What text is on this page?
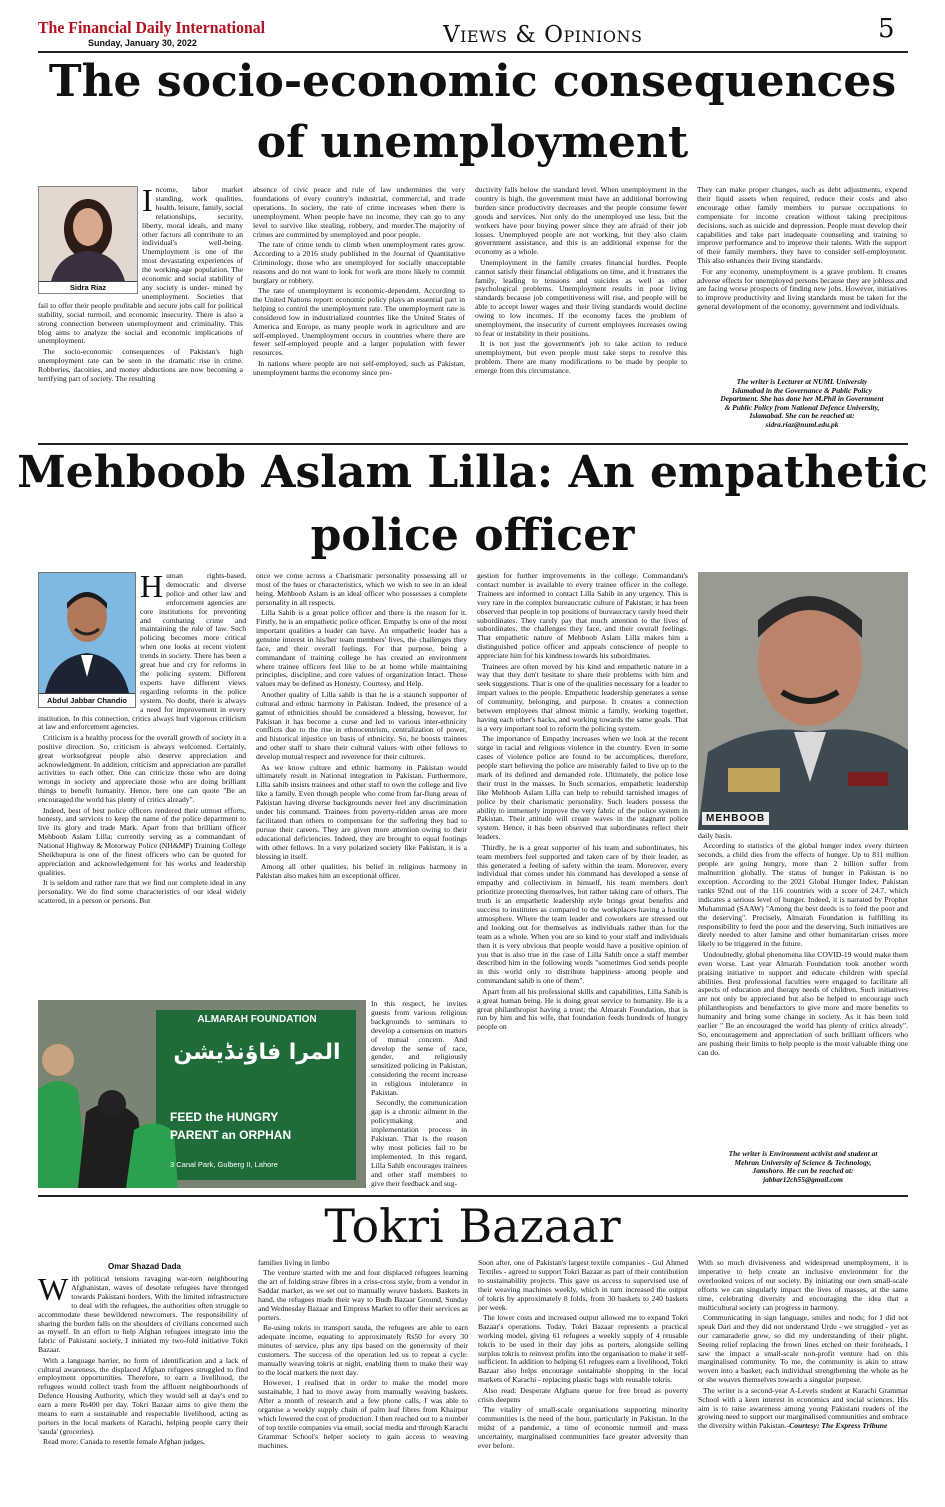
The Financial Daily International
Sunday, January 30, 2022	Views & Opinions	5
The socio-economic consequences
of unemployment
Sidra Riaz

Income, labor market standing, work qualities, health, leisure, family, social relationships, security, liberty, moral ideals, and many other factors all contribute to an individual's well-being. Unemployment is one of the most devastating experiences of the working-age population. The economic and social stability of any society is under- mined by unemployment. Societies that fail to offer their people profitable and secure jobs call for political stability, social turmoil, and economic insecurity. There is also a strong connection between unemployment and criminality. This blog aims to analyze the social and economic implications of unemployment.

The socio-economic consequences of Pakistan's high unemployment rate can be seen in the dramatic rise in crime. Robberies, dacoities, and money abductions are now becoming a terrifying part of society. The resulting

absence of civic peace and rule of law undermines the very foundations of every country's industrial, commercial, and trade operations. In society, the rate of crime increases when there is unemployment. When people have no income, they can go to any level to survive like stealing, robbery, and murder.The majority of crimes are committed by unemployed and poor people.

The rate of crime tends to climb when unemployment rates grow. According to a 2016 study published in the Journal of Quantitative Criminology, those who are unemployed for socially unacceptable reasons and do not want to look for work are more likely to commit burglary or robbery.

The rate of unemployment is economic-dependent. According to the United Nations report: economic policy plays an essential part in helping to control the unemployment rate. The unemployment rate is considered low in industrialized countries like the United States of America and Europe, as many people work in agriculture and are self-employed. Unemployment occurs in countries where there are fewer self-employed people and a larger population with fewer resources.

In nations where people are not self-employed, such as Pakistan, unemployment harms the economy since pro-

ductivity falls below the standard level. When unemployment in the country is high, the government must have an additional borrowing burden since productivity decreases and the people consume fewer goods and services. Not only do the unemployed use less, but the workers have poor buying power since they are afraid of their job losses. Unemployed people are not working, but they also claim government assistance, and this is an additional expense for the economy as a whole.

Unemployment in the family creates financial hurdles. People cannot satisfy their financial obligations on time, and it frustrates the family, leading to tensions and suicides as well as other psychological problems. Unemployment results in poor living standards because job competitiveness will rise, and people will be able to accept lower wages and their living standards would decline owing to low incomes. If the economy faces the problem of unemployment, the insecurity of current employees increases owing to fear or instability in their positions.

It is not just the government's job to take action to reduce unemployment, but even people must take steps to resolve this problem. There are many modifications to be made by people to emerge from this circumstance.

They can make proper changes, such as debt adjustments, expend their liquid assets when required, reduce their costs and also encourage other family members to pursue occupations to compensate for income creation without taking precipitous decisions, such as suicide and depression. People must develop their capabilities and take part inadequate counseling and training to improve performance and to improve their talents. With the support of their family members, they have to consider self-employment. This also enhances their living standards.

For any economy, unemployment is a grave problem. It creates adverse effects for unemployed persons because they are jobless and are facing worse prospects of finding new jobs. However, initiatives to improve productivity and living standards must be taken for the general development of the economy, government and individuals.

The writer is Lecturer at NUML University
Islamabad in the Governance & Public Policy
Department. She has done her M.Phil in Government
& Public Policy from National Defence University,
Islamabad. She can be reached at:
sidra.riaz@numl.edu.pk
Mehboob Aslam Lilla: An empathetic
police officer
Abdul Jabbar Chandio

Human rights-based, democratic and diverse police and other law and enforcement agencies are core institutions for preventing and combating crime and maintaining the rule of law. Such policing becomes more critical when one looks at recent violent trends in society. There has been a great hue and cry for reforms in the policing system. Different experts have different views regarding reforms in the police system. No doubt, there is always a need for improvement in every institution. In this connection, critics always hurl vigorous criticism at law and enforcement agencies.

Criticism is a healthy process for the overall growth of society in a positive direction. So, criticism is always welcomed. Certainly, great worksofgreat people also deserve appreciation and acknowledgment. In addition, criticism and appreciation are parallel activities to each other. One can criticize those who are doing wrongs in society and appreciate those who are doing brilliant things to benefit humanity. Hence, here one can quote "Be an encouraged the world has plenty of critics already".

Indeed, best of best police officers rendered their utmost efforts, honesty, and services to keep the name of the police department to live its glory and trade Mark. Apart from that brilliant officer Mehboob Aslam Lilla; currently serving as a commandant of National Highway & Motorway Police (NH&MP) Training College Sheikhupura is one of the finest officers who can be quoted for appreciation and acknowledgement for his works and leadership qualities.

It is seldom and rather rare that we find our complete ideal in any personality. We do find some characteristics of our ideal widely scattered, in a person or persons. But

once we come across a Charismatic personality possessing all or most of the hues or characteristics, which we wish to see in an ideal being. Mehboob Aslam is an ideal officer who possesses a complete personality in all respects.

Lilla Sahib is a great police officer and there is the reason for it. Firstly, he is an empathetic police officer. Empathy is one of the most important qualities a leader can have. An empathetic leader has a genuine interest in his/her team members' lives, the challenges they face, and their overall feelings. For that purpose, being a commandant of training college he has created an environment where trainee officers feel like to be at home while maintaining principles, discipline, and core values of organization Intact. Those values may be defined as Honesty, Courtesy, and Help.

Another quality of Lilla sahib is that he is a staunch supporter of cultural and ethnic harmony in Pakistan. Indeed, the presence of a gamut of ethnicities should be considered a blessing, however, for Pakistan it has become a curse and led to various inter-ethnicity conflicts due to the rise in ethnocentrism, centralization of power, and historical injustice on basis of ethnicity. So, he boosts trainees and other staff to share their cultural values with other fellows to develop mutual respect and reverence for their cultures.

As we know culture and ethnic harmony in Pakistan would ultimately result in National integration in Pakistan. Furthermore, Lilla sahib insists trainees and other staff to own the college and live like a family. Even though people who come from far-flung areas of Pakistan having diverse backgrounds never feel any discrimination under his command. Trainees from poverty-ridden areas are more facilitated than others to compensate for the suffering they had to pursue their careers. They are given more attention owing to their educational deficiencies. Indeed, they are brought to equal footings with other fellows. In a very polarized society like Pakistan, it is a blessing in itself.

Among all other qualities, his belief in religious harmony in Pakistan also makes him an exceptional officer.

ALMARAH FOUNDATION
المرا فاؤنڈیشن
FEED the HUNGRY
PARENT an ORPHAN
3 Canal Park, Gulberg II, Lahore

In this respect, he invites guests from various religious backgrounds to seminars to develop a consensus on matters of mutual concern. And develop the sense of race, gender, and religiously sensitized policing in Pakistan, considering the recent increase in religious intolerance in Pakistan.

Secondly, the communication gap is a chronic ailment in the policymaking and implementation process in Pakistan. That is the reason why most policies fail to be implemented. In this regard, Lilla Sahib encourages trainees and other staff members to give their feedback and sug-

gestion for further improvements in the college. Commandant's contact number is available to every trainee officer in the college. Trainees are informed to contact Lilla Sahib in any urgency. This is very rare in the complex bureaucratic culture of Pakistan; it has been observed that people in top positions of bureaucracy rarely heed their subordinates. They rarely pay that much attention to the lives of subordinates, the challenges they face, and their overall feelings. That empathetic nature of Mehboob Aslam Lilla makes him a distinguished police officer and appeals conscience of people to appreciate him for his kindness towards his subordinates.

Trainees are often moved by his kind and empathetic nature in a way that they don't hesitate to share their problems with him and seek suggestions. That is one of the qualities necessary for a leader to impart values to the people. Empathetic leadership generates a sense of community, belonging, and purpose. It creates a connection between employees that almost mimic a family, working together, having each other's backs, and working towards the same goals. That is a very important tool to reform the policing system.

The importance of Empathy increases when we look at the recent surge in racial and religious violence in the country. Even in some cases of violence police are found to be accomplices, therefore, people start believing the police are miserably failed to live up to the mark of its defined and demanded role. Ultimately, the police lose their trust in the masses. In Such scenarios, empathetic leadership like Mehboob Aslam Lilla can help to rebuild tarnished images of police by their charismatic personality. Such leaders possess the ability to immensely improve the very fabric of the police system in Pakistan. Their attitude will create waves in the stagnant police system. Hence, it has been observed that subordinates reflect their leaders.

Thirdly, he is a great supporter of his team and subordinates, his team members feel supported and taken care of by their leader, as this generated a feeling of safety within the team. Moreover, every individual that comes under his command has developed a sense of empathy and collectivism in himself, his team members don't prioritize protecting themselves, but rather taking care of others. The truth is an empathetic leadership style brings great benefits and success to institutes as compared to the workplaces having a hostile atmosphere. Where the team leader and coworkers are stressed out and looking out for themselves as individuals rather than for the team as a whole. When you are so kind to your staff and individuals then it is very obvious that people would have a positive opinion of you that is also true in the case of Lilla Sahib once a staff member described him in the following words "sometimes God sends people in this world only to distribute happiness among people and commandant sahib is one of them".

Apart from all his professional skills and capabilities, Lilla Sahib is a great human being. He is doing great service to humanity. He is a great philanthropist having a trust; the Almarah Foundation, that is run by him and his wife, that foundation feeds hundreds of hungry people on

MEHBOOB

daily basis.

According to statistics of the global hunger index every thirteen seconds, a child dies from the effects of hunger. Up to 811 million people are going hungry, more than 2 billion suffer from malnutrition globally. The status of hunger in Pakistan is no exception. According to the 2021 Global Hunger Index, Pakistan ranks 92nd out of the 116 countries with a score of 24.7, which indicates a serious level of hunger. Indeed, it is narrated by Prophet Muhammad (SAAW) "Among the best deeds is to feed the poor and the deserving". Precisely, Almarah Foundation is fulfilling its responsibility to feed the poor and the deserving. Such initiatives are direly needed to alter famine and other humanitarian crises more likely to be triggered in the future.

Undoubtedly, global phenomena like COVID-19 would make them even worse. Last year Almarah Foundation took another worth praising initiative to support and educate children with special abilities. Best professional faculties were engaged to facilitate all aspects of education and therapy needs of children. Such initiatives are not only be appreciated but also be helped to encourage such philanthropists and benefactors to give more and more benefits to humanity and bring some change in society. As it has been told earlier " Be an encouraged the world has plenty of critics already". So, encouragement and appreciation of such brilliant officers who are pushing their limits to help people is the most valuable thing one can do.

The writer is Environment activist and student at
Mehran University of Science & Technology,
Jamshoro. He can be reached at:
jabbar12ch55@gmail.com
Tokri Bazaar
Omar Shazad Dada

With political tensions ravaging war-torn neighbouring Afghanistan, waves of desolate refugees have thronged towards Pakistani borders. With the limited infrastructure to deal with the refugees, the authorities often struggle to accommodate these bewildered newcomers. The responsibility of sharing the burden falls on the shoulders of civilians concerned such as myself. In an effort to help Afghan refugees integrate into the fabric of Pakistani society, I initiated my two-fold initiative Tokri Bazaar.

With a language barrier, no form of identification and a lack of cultural awareness, the displaced Afghan refugees struggled to find employment opportunities. Therefore, to earn a livelihood, the refugees would collect trash from the affluent neighbourhoods of Defence Housing Authority, which they would sell at day's end to earn a mere Rs400 per day. Tokri Bazaar aims to give them the means to earn a sustainable and respectable livelihood, acting as porters in the local markets of Karachi, helping people carry their 'sauda' (groceries).

Read more: Canada to resettle female Afghan judges,

families living in limbo

The venture started with me and four displaced refugees learning the art of folding straw fibres in a criss-cross style, from a vendor in Saddar market, as we set out to manually weave baskets. Baskets in hand, the refugees made their way to Budh Bazaar Ground, Sunday and Wednesday Bazaar and Empress Market to offer their services as porters.

Re-using tokris to transport sauda, the refugees are able to earn adequate income, equating to approximately Rs50 for every 30 minutes of service, plus any tips based on the generosity of their customers. The success of the operation led us to repeat a cycle: manually weaving tokris at night, enabling them to make their way to the local markets the next day.

However, I realised that in order to make the model more sustainable, I had to move away from manually weaving baskets. After a month of research and a few phone calls, I was able to organise a weekly supply chain of palm leaf fibres from Khairpur which lowered the cost of production. I then reached out to a number of top textile companies via email, social media and through Karachi Grammar School's helper society to gain access to weaving machines.

Soon after, one of Pakistan's largest textile companies - Gul Ahmed Textiles - agreed to support Tokri Bazaar as part of their contribution to sustainability projects. This gave us access to supervised use of their weaving machines weekly, which in turn increased the output of tokris by approximately 8 folds, from 30 baskets to 240 baskets per week.

The lower costs and increased output allowed me to expand Tokri Bazaar's operations. Today, Tokri Bazaar represents a practical working model, giving 61 refugees a weekly supply of 4 reusable tokris to be used in their day jobs as porters, alongside selling surplus tokris to reinvest profits into the organisation to make it self-sufficient. In addition to helping 61 refugees earn a livelihood, Tokri Bazaar also helps encourage sustainable shopping in the local markets of Karachi - replacing plastic bags with reusable tokris.

Also read: Desperate Afghans queue for free bread as poverty crisis deepens

The vitality of small-scale organisations supporting minority communities is the need of the hour, particularly in Pakistan. In the midst of a pandemic, a time of economic turmoil and mass uncertainty, marginalised communities face greater adversity than ever before.

With so much divisiveness and widespread unemployment, it is imperative to help create an inclusive environment for the overlooked voices of our society. By initiating our own small-scale efforts we can singularly impact the lives of masses, at the same time, celebrating diversity and encouraging the idea that a multicultural society can progress in harmony.

Communicating in sign language, smiles and nods; for I did not speak Dari and they did not understand Urdu - we struggled - yet as our camaraderie grew, so did my understanding of their plight. Seeing relief replacing the frown lines etched on their foreheads, I saw the impact a small-scale non-profit venture had on this marginalised community. To me, the community is akin to straw woven into a basket; each individual strengthening the whole as he or she weaves themselves towards a singular purpose.

The writer is a second-year A-Levels student at Karachi Grammar School with a keen interest in economics and social sciences. His aim is to raise awareness among young Pakistani readers of the growing need to support our marginalised communities and embrace the diversity within Pakistan.-Courtesy: The Express Tribune
